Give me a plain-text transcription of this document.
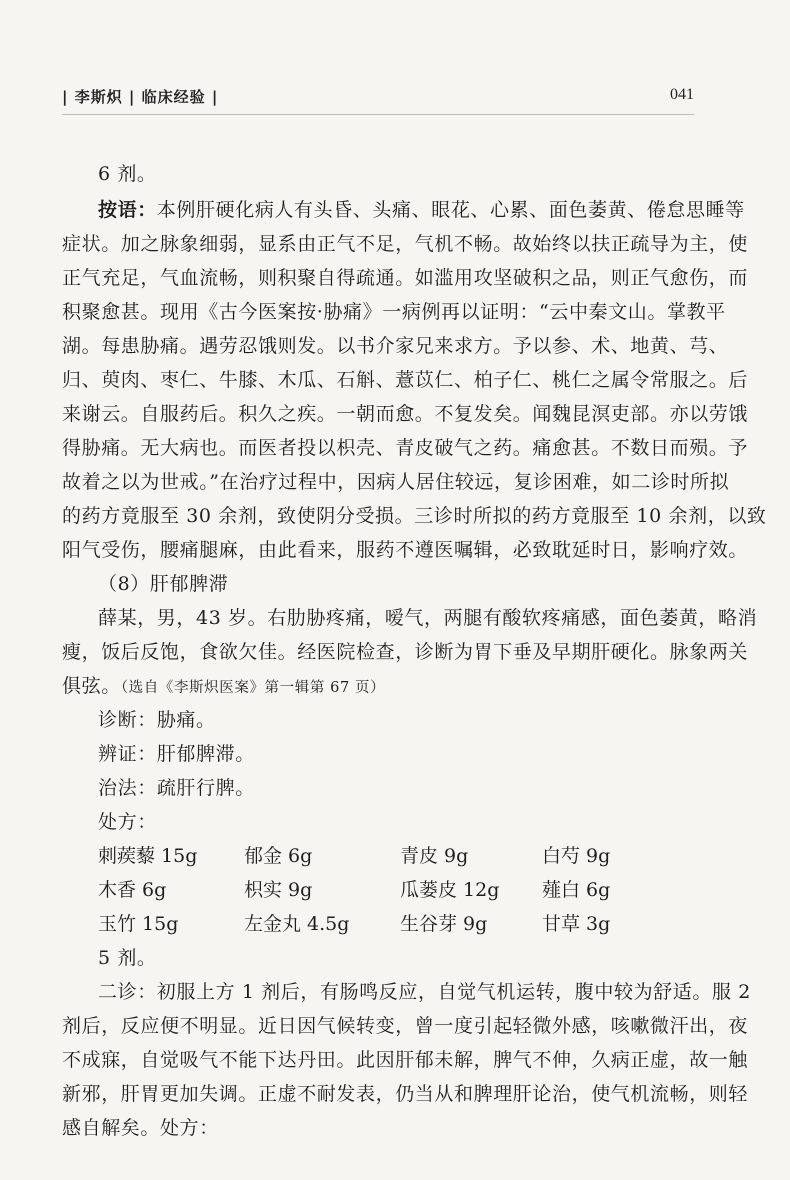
| 李斯炽 | 临床经验 |	041
6 剂。
按语：本例肝硬化病人有头昏、头痛、眼花、心累、面色萎黄、倦怠思睡等
症状。加之脉象细弱，显系由正气不足，气机不畅。故始终以扶正疏导为主，使
正气充足，气血流畅，则积聚自得疏通。如滥用攻坚破积之品，则正气愈伤，而
积聚愈甚。现用《古今医案按·胁痛》一病例再以证明：“云中秦文山。掌教平
湖。每患胁痛。遇劳忍饿则发。以书介家兄来求方。予以参、术、地黄、芎、
归、萸肉、枣仁、牛膝、木瓜、石斛、薏苡仁、柏子仁、桃仁之属令常服之。后
来谢云。自服药后。积久之疾。一朝而愈。不复发矣。闻魏昆溟吏部。亦以劳饿
得胁痛。无大病也。而医者投以枳壳、青皮破气之药。痛愈甚。不数日而殒。予
故着之以为世戒。”在治疗过程中，因病人居住较远，复诊困难，如二诊时所拟
的药方竟服至 30 余剂，致使阴分受损。三诊时所拟的药方竟服至 10 余剂，以致
阳气受伤，腰痛腿麻，由此看来，服药不遵医嘱辑，必致耽延时日，影响疗效。
（8）肝郁脾滞
薛某，男，43 岁。右肋胁疼痛，嗳气，两腿有酸软疼痛感，面色萎黄，略消
瘦，饭后反饱，食欲欠佳。经医院检查，诊断为胃下垂及早期肝硬化。脉象两关
俱弦。（选自《李斯炽医案》第一辑第 67 页）
诊断：胁痛。
辨证：肝郁脾滞。
治法：疏肝行脾。
处方：
刺蒺藜 15g 郁金 6g	青皮 9g	白芍 9g
木香 6g	枳实 9g	瓜蒌皮 12g 薤白 6g
玉竹 15g	左金丸 4.5g	生谷芽 9g	甘草 3g
5 剂。
二诊：初服上方 1 剂后，有肠鸣反应，自觉气机运转，腹中较为舒适。服 2
剂后，反应便不明显。近日因气候转变，曾一度引起轻微外感，咳嗽微汗出，夜
不成寐，自觉吸气不能下达丹田。此因肝郁未解，脾气不伸，久病正虚，故一触
新邪，肝胃更加失调。正虚不耐发表，仍当从和脾理肝论治，使气机流畅，则轻
感自解矣。处方：
